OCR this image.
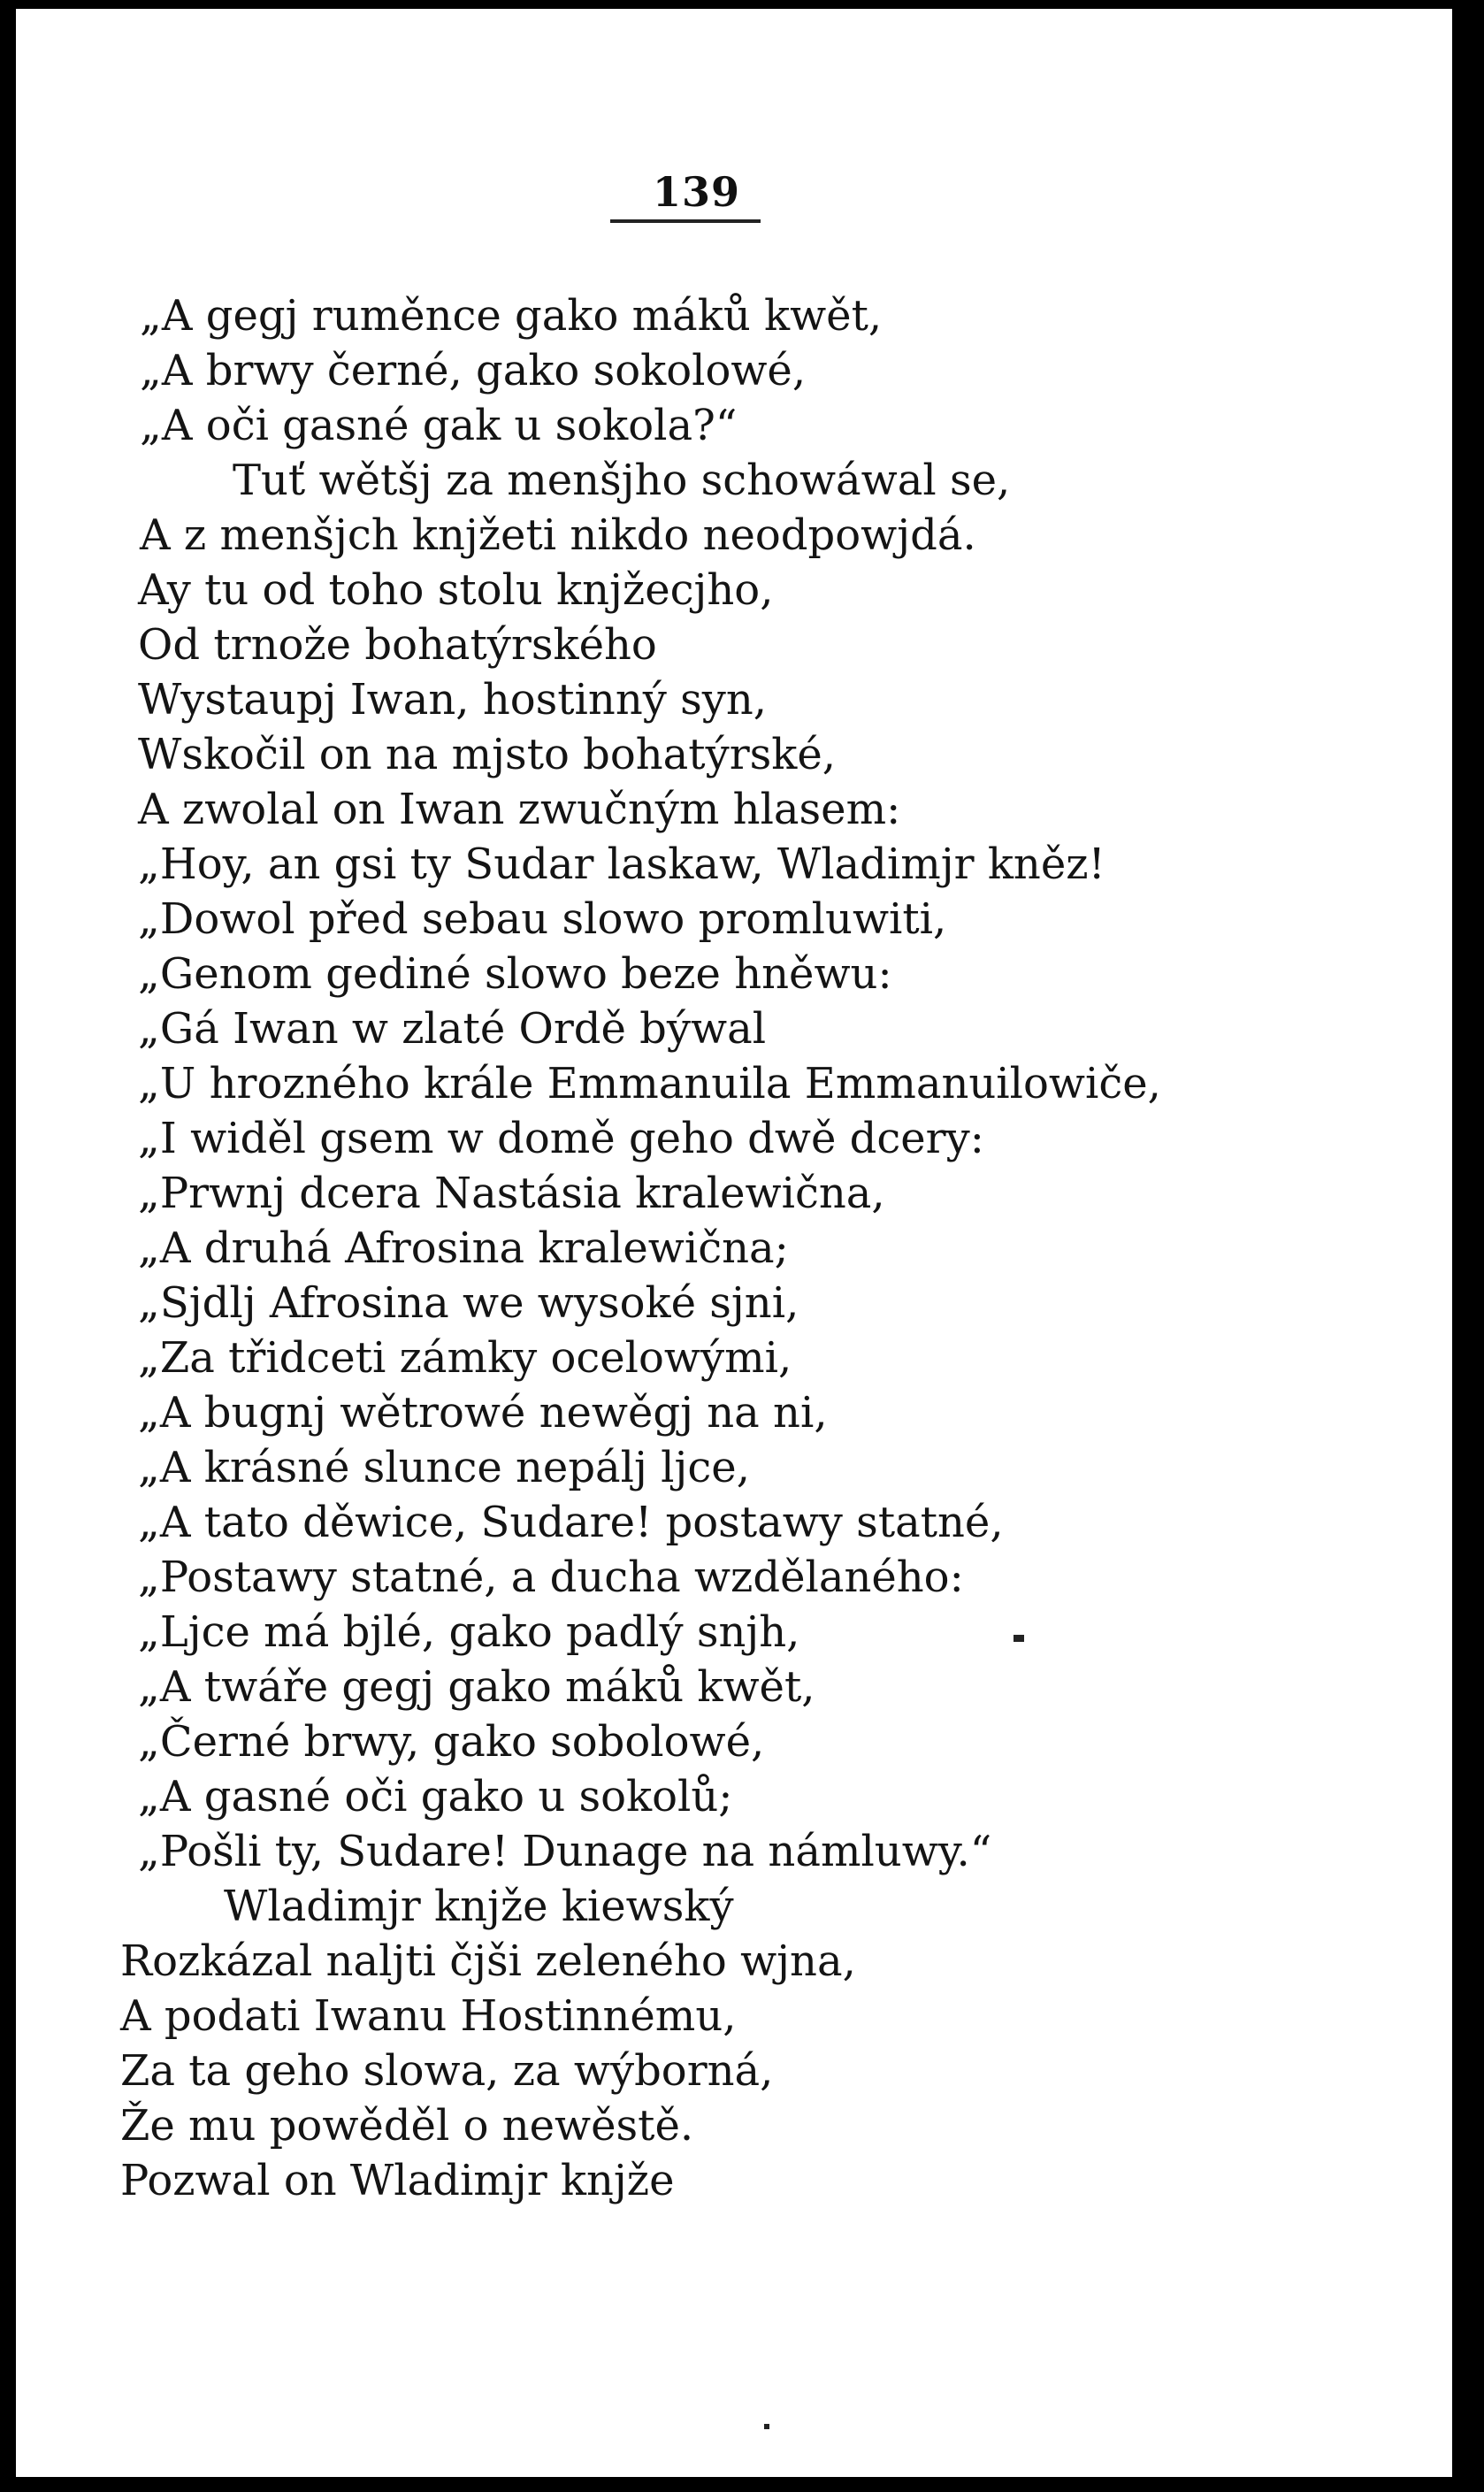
139
„A gegj ruměnce gako máků kwět,
„A brwy černé, gako sokolowé,
„A oči gasné gak u sokola?“
Tuť wětšj za menšjho schowáwal se,
A z menšjch knjžeti nikdo neodpowjdá.
Ay tu od toho stolu knjžecjho,
Od trnože bohatýrského
Wystaupj Iwan, hostinný syn,
Wskočil on na mjsto bohatýrské,
A zwolal on Iwan zwučným hlasem:
„Hoy, an gsi ty Sudar laskaw, Wladimjr kněz!
„Dowol před sebau slowo promluwiti,
„Genom gediné slowo beze hněwu:
„Gá Iwan w zlaté Ordě býwal
„U hrozného krále Emmanuila Emmanuilowiče,
„I widěl gsem w domě geho dwě dcery:
„Prwnj dcera Nastásia kralewična,
„A druhá Afrosina kralewična;
„Sjdlj Afrosina we wysoké sjni,
„Za třidceti zámky ocelowými,
„A bugnj wětrowé newěgj na ni,
„A krásné slunce nepálj ljce,
„A tato děwice, Sudare! postawy statné,
„Postawy statné, a ducha wzdělaného:
„Ljce má bjlé, gako padlý snjh,
„A twáře gegj gako máků kwět,
„Černé brwy, gako sobolowé,
„A gasné oči gako u sokolů;
„Pošli ty, Sudare! Dunage na námluwy.“
Wladimjr knjže kiewský
Rozkázal naljti čjši zeleného wjna,
A podati Iwanu Hostinnému,
Za ta geho slowa, za wýborná,
Že mu powěděl o newěstě.
Pozwal on Wladimjr knjže
